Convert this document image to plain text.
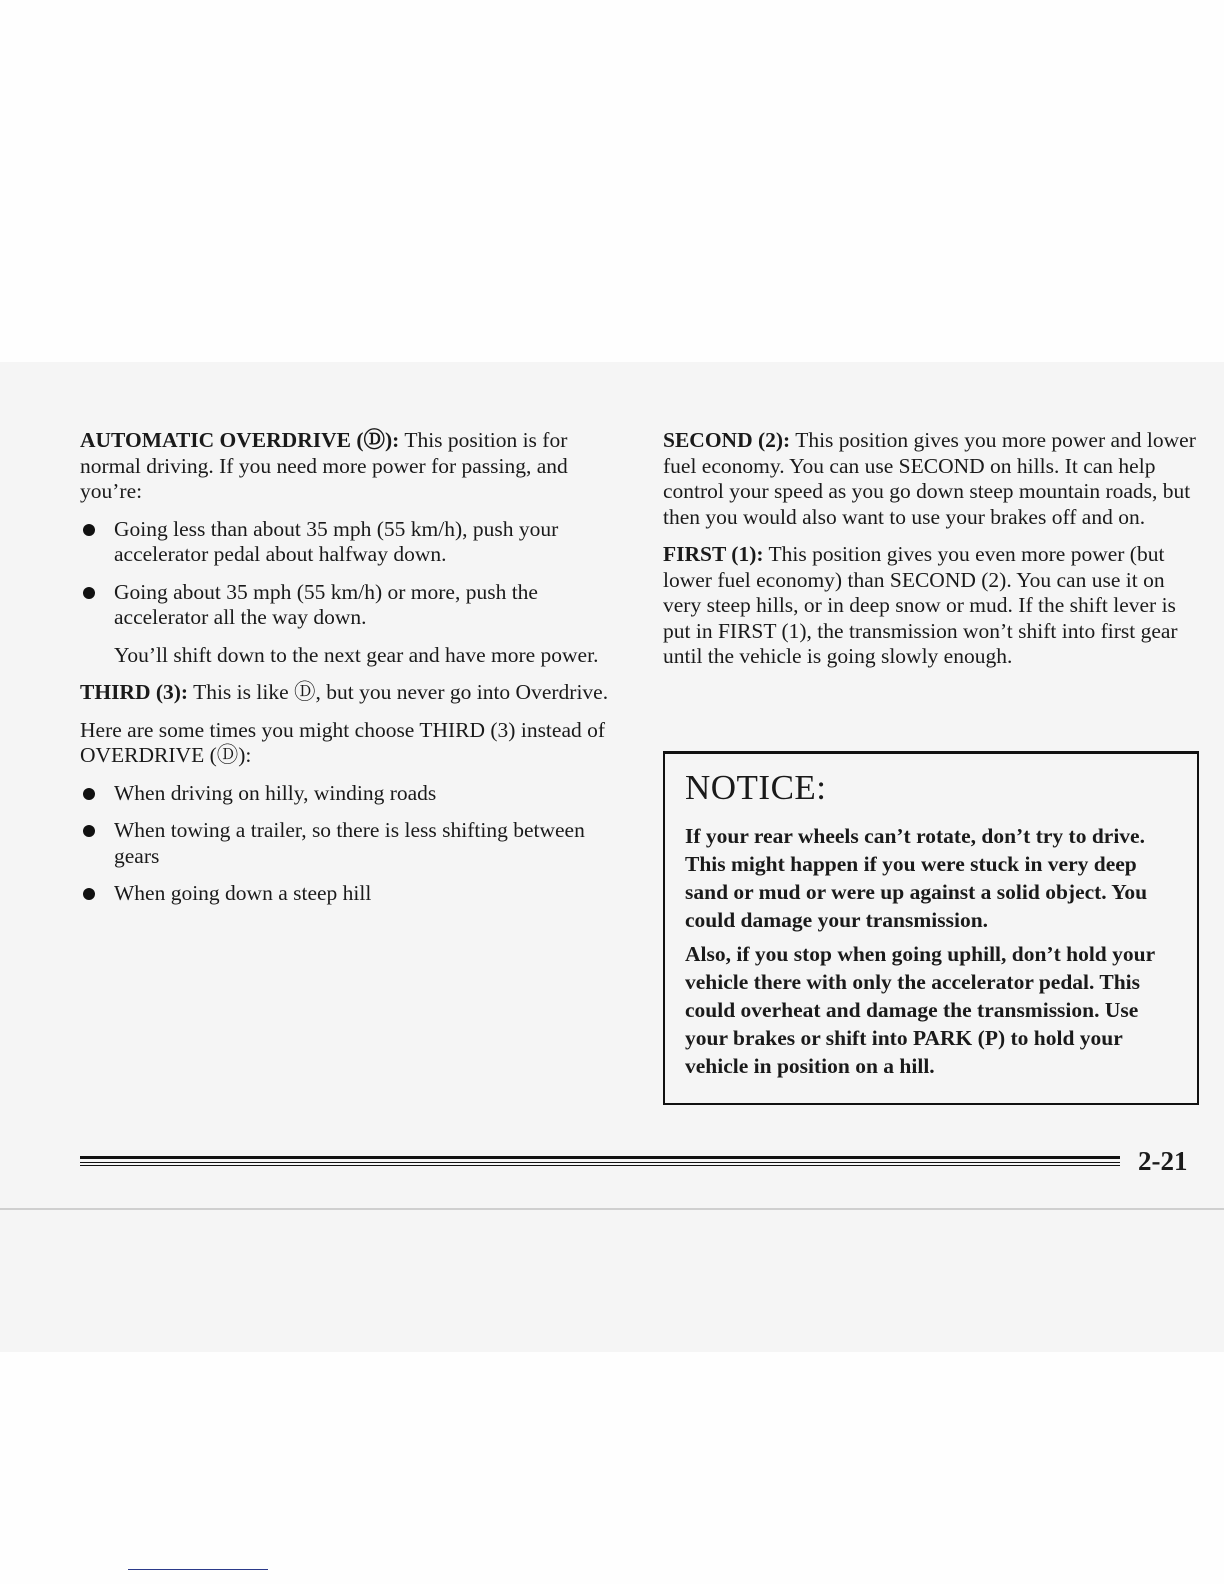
AUTOMATIC OVERDRIVE (Ⓓ): This position is for normal driving. If you need more power for passing, and you’re:

Going less than about 35 mph (55 km/h), push your accelerator pedal about halfway down.
Going about 35 mph (55 km/h) or more, push the accelerator all the way down.

You’ll shift down to the next gear and have more power.

THIRD (3): This is like Ⓓ, but you never go into Overdrive.

Here are some times you might choose THIRD (3) instead of OVERDRIVE (Ⓓ):

When driving on hilly, winding roads
When towing a trailer, so there is less shifting between gears
When going down a steep hill

SECOND (2): This position gives you more power and lower fuel economy. You can use SECOND on hills. It can help control your speed as you go down steep mountain roads, but then you would also want to use your brakes off and on.

FIRST (1): This position gives you even more power (but lower fuel economy) than SECOND (2). You can use it on very steep hills, or in deep snow or mud. If the shift lever is put in FIRST (1), the transmission won’t shift into first gear until the vehicle is going slowly enough.

NOTICE:

If your rear wheels can’t rotate, don’t try to drive. This might happen if you were stuck in very deep sand or mud or were up against a solid object. You could damage your transmission.

Also, if you stop when going uphill, don’t hold your vehicle there with only the accelerator pedal. This could overheat and damage the transmission. Use your brakes or shift into PARK (P) to hold your vehicle in position on a hill.

2-21
